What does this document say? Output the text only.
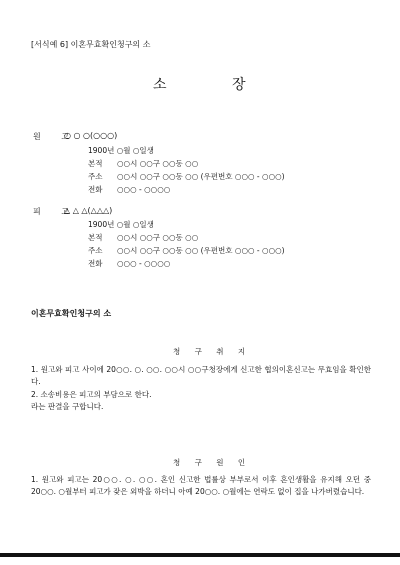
[서식예 6] 이혼무효확인청구의 소
소	장
원 고
○ ○ ○(○○○)
1900년 ○월 ○일생
본적 ○○시 ○○구 ○○동 ○○
주소 ○○시 ○○구 ○○동 ○○ (우편번호 ○○○ - ○○○)
전화 ○○○ - ○○○○
피 고
△ △ △(△△△)
1900년 ○월 ○일생
본적 ○○시 ○○구 ○○동 ○○
주소 ○○시 ○○구 ○○동 ○○ (우편번호 ○○○ - ○○○)
전화 ○○○ - ○○○○
이혼무효확인청구의 소
청 구 취 지
1. 원고와 피고 사이에 20○○. ○. ○○. ○○시 ○○구청장에게 신고한 협의이혼신고는 무효임을 확인한다.
2. 소송비용은 피고의 부담으로 한다.
라는 판결을 구합니다.
청 구 원 인
1. 원고와 피고는 20○○. ○. ○○. 혼인 신고한 법률상 부부로서 이후 혼인생활을 유지해 오던 중 20○○. ○월부터 피고가 잦은 외박을 하더니 아예 20○○. ○월에는 연락도 없이 집을 나가버렸습니다.
